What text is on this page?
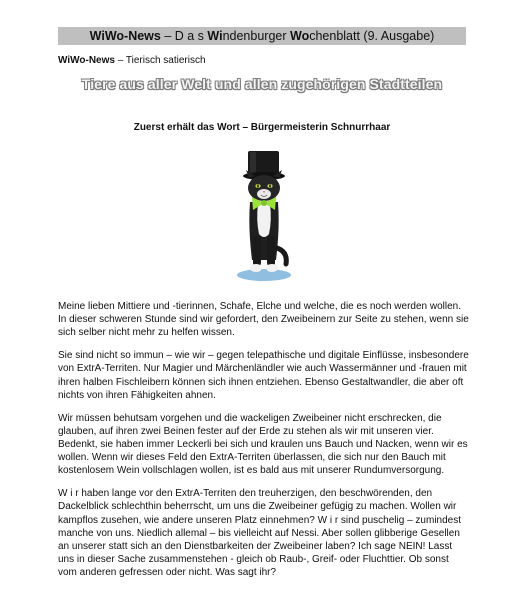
WiWo-News – D a s Windenburger Wochenblatt (9. Ausgabe)
WiWo-News – Tierisch satierisch
Tiere aus aller Welt und allen zugehörigen Stadtteilen
Zuerst erhält das Wort – Bürgermeisterin Schnurrhaar

Meine lieben Mittiere und -tierinnen, Schafe, Elche und welche, die es noch werden wollen. In dieser schweren Stunde sind wir gefordert, den Zweibeinern zur Seite zu stehen, wenn sie sich selber nicht mehr zu helfen wissen.

Sie sind nicht so immun – wie wir – gegen telepathische und digitale Einflüsse, insbesondere von ExtrA-Territen. Nur Magier und Märchenländler wie auch Wassermänner und -frauen mit ihren halben Fischleibern können sich ihnen entziehen. Ebenso Gestaltwandler, die aber oft nichts von ihren Fähigkeiten ahnen.

Wir müssen behutsam vorgehen und die wackeligen Zweibeiner nicht erschrecken, die glauben, auf ihren zwei Beinen fester auf der Erde zu stehen als wir mit unseren vier. Bedenkt, sie haben immer Leckerli bei sich und kraulen uns Bauch und Nacken, wenn wir es wollen. Wenn wir dieses Feld den ExtrA-Territen überlassen, die sich nur den Bauch mit kostenlosem Wein vollschlagen wollen, ist es bald aus mit unserer Rundumversorgung.

W i r haben lange vor den ExtrA-Territen den treuherzigen, den beschwörenden, den Dackelblick schlechthin beherrscht, um uns die Zweibeiner gefügig zu machen. Wollen wir kampflos zusehen, wie andere unseren Platz einnehmen? W i r sind puschelig – zumindest manche von uns. Niedlich allemal – bis vielleicht auf Nessi. Aber sollen glibberige Gesellen an unserer statt sich an den Dienstbarkeiten der Zweibeiner laben? Ich sage NEIN! Lasst uns in dieser Sache zusammenstehen - gleich ob Raub-, Greif- oder Fluchttier. Ob sonst vom anderen gefressen oder nicht. Was sagt ihr?
